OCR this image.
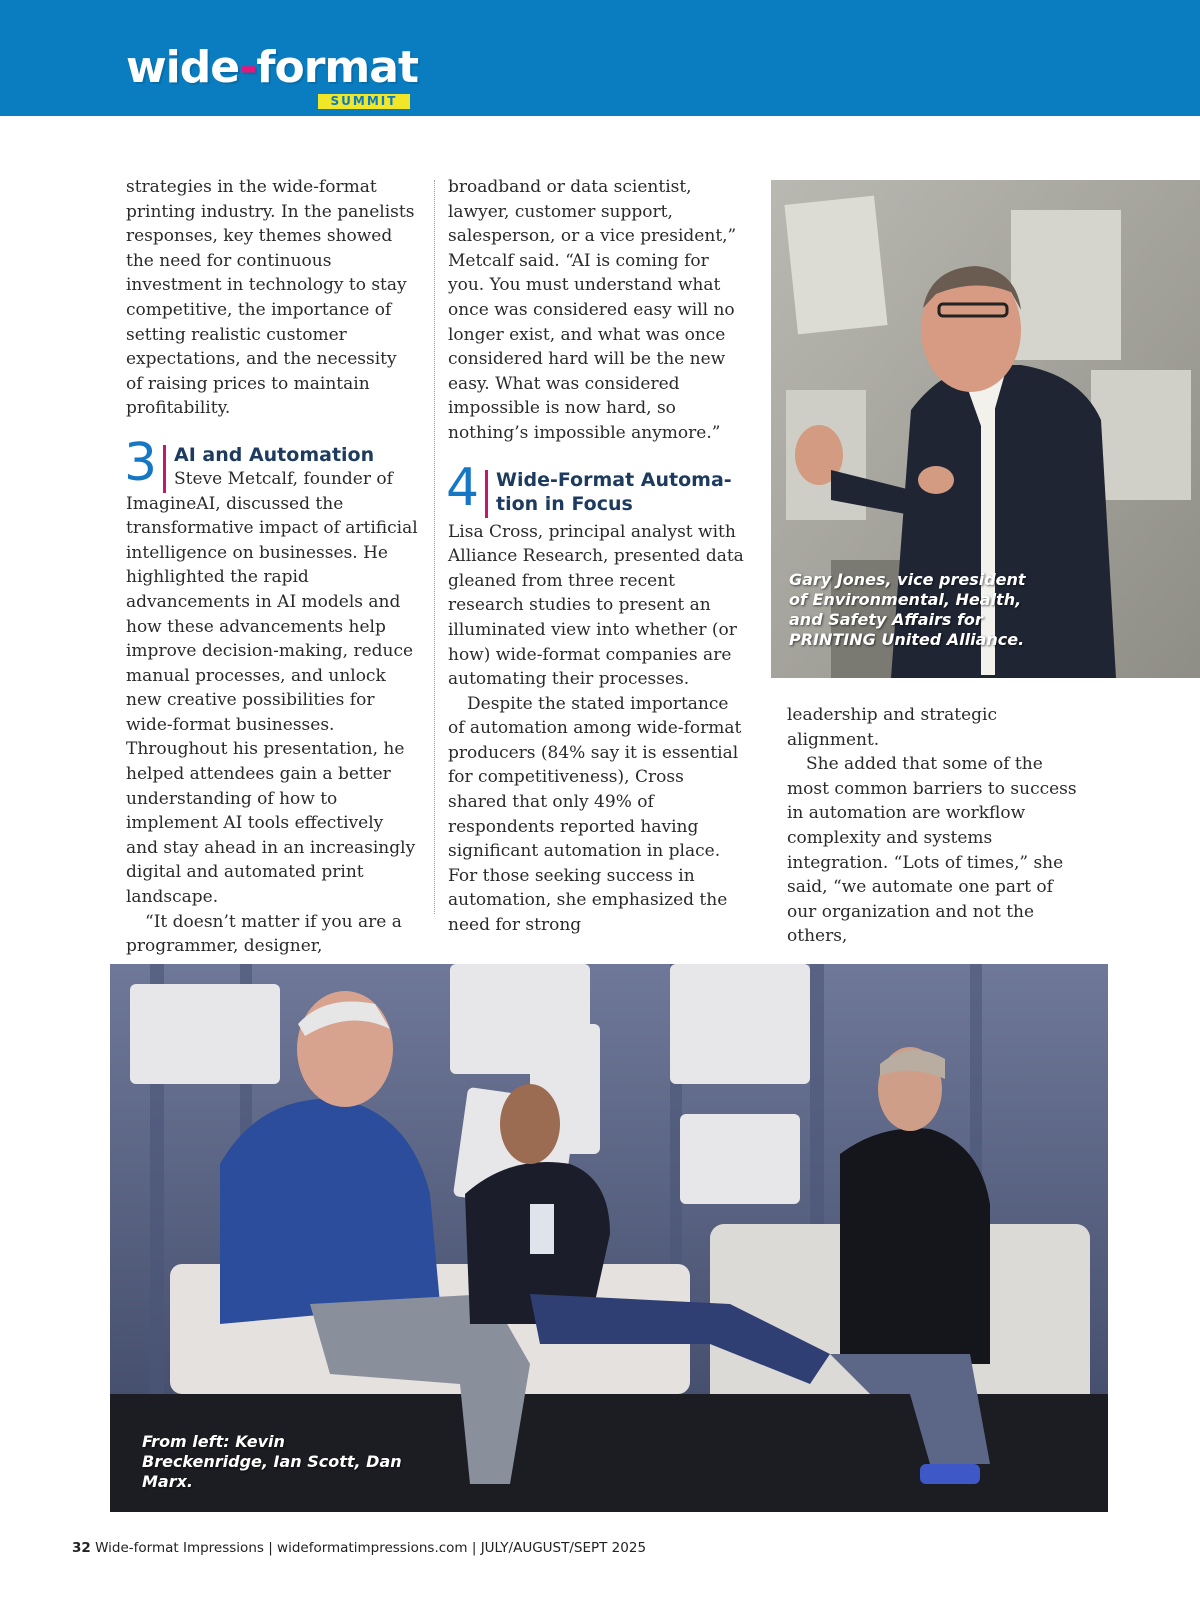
wide-format
SUMMIT

strategies in the wide-format printing industry. In the panelists responses, key themes showed the need for continuous investment in technology to stay competitive, the importance of setting realistic customer expectations, and the necessity of raising prices to maintain profitability.

3 AI and Automation

Steve Metcalf, founder of ImagineAI, discussed the transformative impact of artificial intelligence on businesses. He highlighted the rapid advancements in AI models and how these advancements help improve decision-making, reduce manual processes, and unlock new creative possibilities for wide-format businesses. Throughout his presentation, he helped attendees gain a better understanding of how to implement AI tools effectively and stay ahead in an increasingly digital and automated print landscape.

“It doesn’t matter if you are a programmer, designer,

broadband or data scientist, lawyer, customer support, salesperson, or a vice president,” Metcalf said. “AI is coming for you. You must understand what once was considered easy will no longer exist, and what was once considered hard will be the new easy. What was considered impossible is now hard, so nothing’s impossible anymore.”

4 Wide-Format Automa-tion in Focus

Lisa Cross, principal analyst with Alliance Research, presented data gleaned from three recent research studies to present an illuminated view into whether (or how) wide-format companies are automating their processes.

Despite the stated importance of automation among wide-format producers (84% say it is essential for competitiveness), Cross shared that only 49% of respondents reported having significant automation in place. For those seeking success in automation, she emphasized the need for strong

Gary Jones, vice president of Environmental, Health, and Safety Affairs for PRINTING United Alliance.

leadership and strategic alignment.

She added that some of the most common barriers to success in automation are workflow complexity and systems integration. “Lots of times,” she said, “we automate one part of our organization and not the others,

From left: Kevin Breckenridge, Ian Scott, Dan Marx.
32 Wide-format Impressions | wideformatimpressions.com | JULY/AUGUST/SEPT 2025
